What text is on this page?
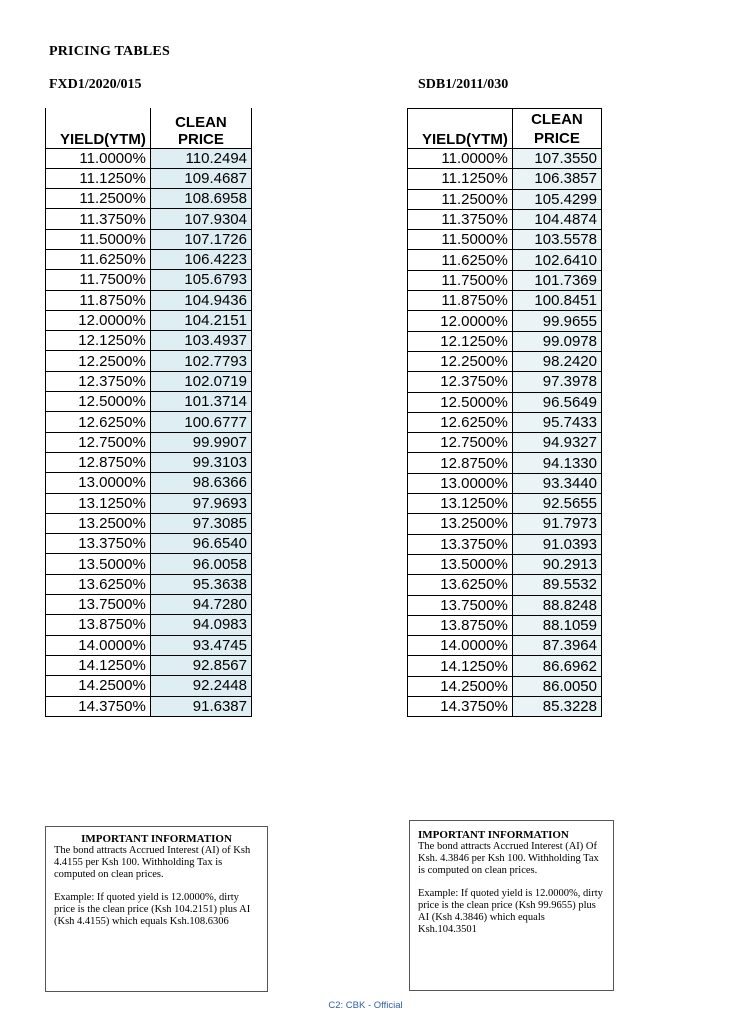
PRICING TABLES
FXD1/2020/015	SDB1/2011/030
YIELD(YTM)	CLEAN PRICE
11.0000%	110.2494
11.1250%	109.4687
11.2500%	108.6958
11.3750%	107.9304
11.5000%	107.1726
11.6250%	106.4223
11.7500%	105.6793
11.8750%	104.9436
12.0000%	104.2151
12.1250%	103.4937
12.2500%	102.7793
12.3750%	102.0719
12.5000%	101.3714
12.6250%	100.6777
12.7500%	99.9907
12.8750%	99.3103
13.0000%	98.6366
13.1250%	97.9693
13.2500%	97.3085
13.3750%	96.6540
13.5000%	96.0058
13.6250%	95.3638
13.7500%	94.7280
13.8750%	94.0983
14.0000%	93.4745
14.1250%	92.8567
14.2500%	92.2448
14.3750%	91.6387
YIELD(YTM)	CLEAN
PRICE
11.0000%	107.3550
11.1250%	106.3857
11.2500%	105.4299
11.3750%	104.4874
11.5000%	103.5578
11.6250%	102.6410
11.7500%	101.7369
11.8750%	100.8451
12.0000%	99.9655
12.1250%	99.0978
12.2500%	98.2420
12.3750%	97.3978
12.5000%	96.5649
12.6250%	95.7433
12.7500%	94.9327
12.8750%	94.1330
13.0000%	93.3440
13.1250%	92.5655
13.2500%	91.7973
13.3750%	91.0393
13.5000%	90.2913
13.6250%	89.5532
13.7500%	88.8248
13.8750%	88.1059
14.0000%	87.3964
14.1250%	86.6962
14.2500%	86.0050
14.3750%	85.3228
IMPORTANT INFORMATION

The bond attracts Accrued Interest (AI) of Ksh 4.4155 per Ksh 100. Withholding Tax is computed on clean prices.

Example: If quoted yield is 12.0000%, dirty price is the clean price (Ksh 104.2151) plus AI (Ksh 4.4155) which equals Ksh.108.6306

IMPORTANT INFORMATION

The bond attracts Accrued Interest (AI) Of Ksh. 4.3846 per Ksh 100. Withholding Tax is computed on clean prices.

Example: If quoted yield is 12.0000%, dirty price is the clean price (Ksh 99.9655) plus AI (Ksh 4.3846) which equals Ksh.104.3501

C2: CBK - Official
